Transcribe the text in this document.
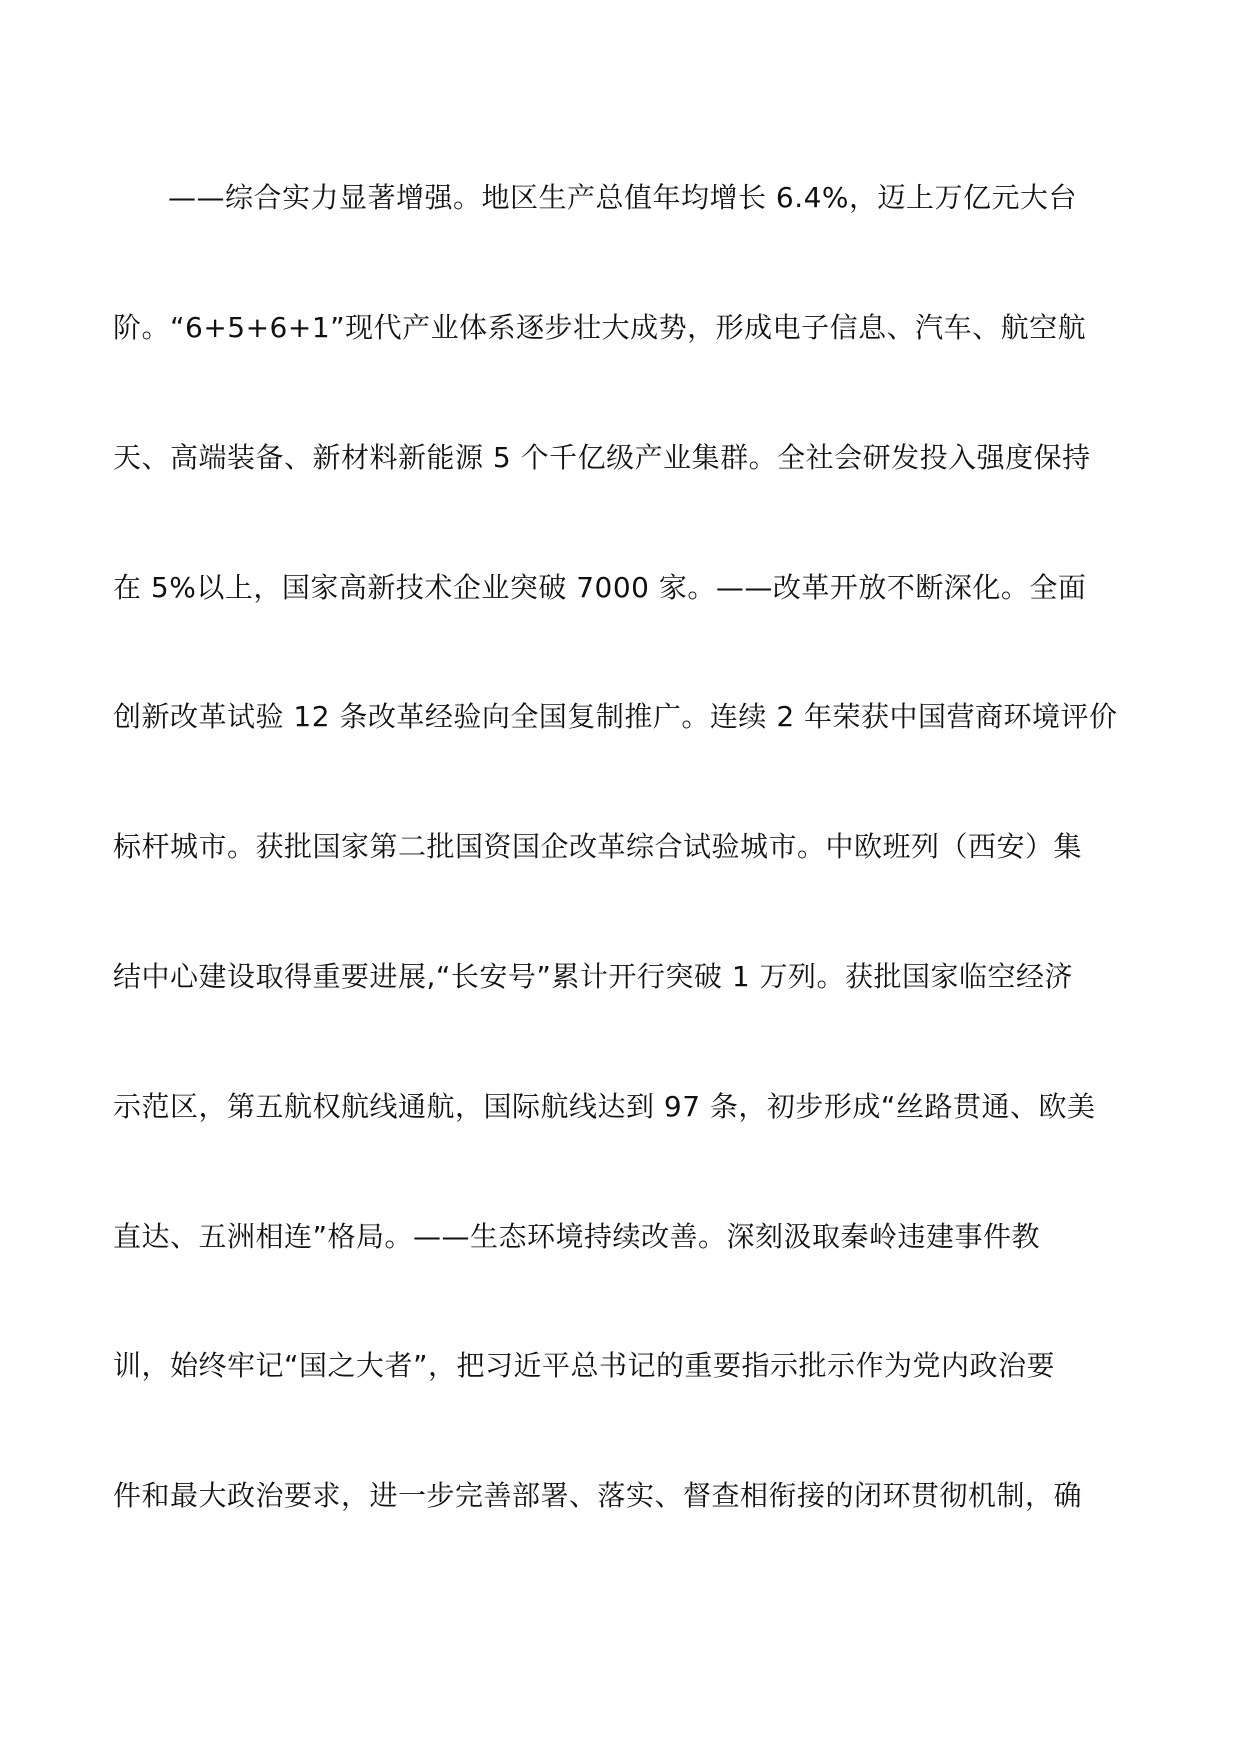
——综合实力显著增强。地区生产总值年均增长 6.4%，迈上万亿元大台
阶。“6+5+6+1”现代产业体系逐步壮大成势，形成电子信息、汽车、航空航
天、高端装备、新材料新能源 5 个千亿级产业集群。全社会研发投入强度保持
在 5%以上，国家高新技术企业突破 7000 家。——改革开放不断深化。全面
创新改革试验 12 条改革经验向全国复制推广。连续 2 年荣获中国营商环境评价
标杆城市。获批国家第二批国资国企改革综合试验城市。中欧班列（西安）集
结中心建设取得重要进展,“长安号”累计开行突破 1 万列。获批国家临空经济
示范区，第五航权航线通航，国际航线达到 97 条，初步形成“丝路贯通、欧美
直达、五洲相连”格局。——生态环境持续改善。深刻汲取秦岭违建事件教
训，始终牢记“国之大者”，把习近平总书记的重要指示批示作为党内政治要
件和最大政治要求，进一步完善部署、落实、督查相衔接的闭环贯彻机制，确
